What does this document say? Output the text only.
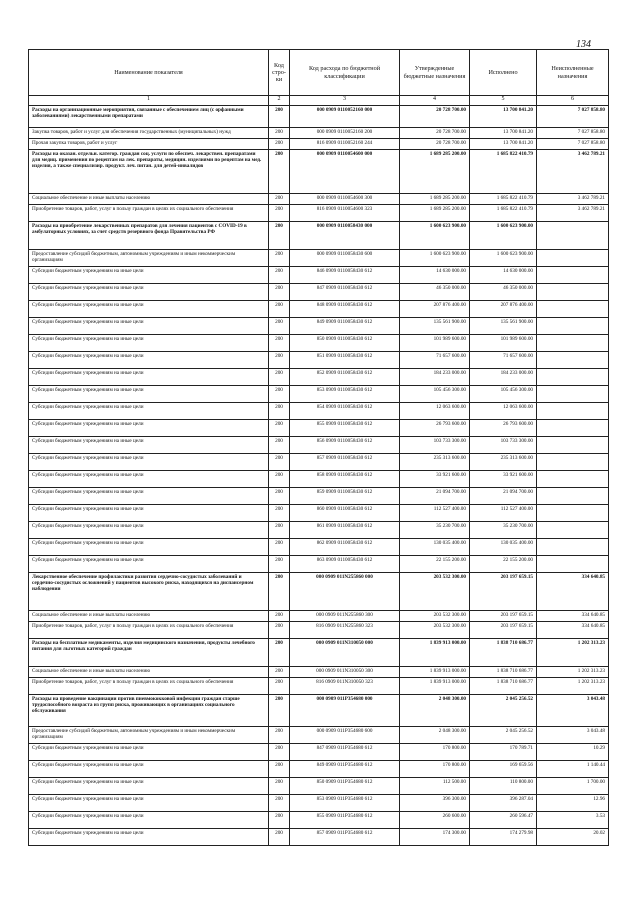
134
Наименование показателя	Код стро-ки	Код расхода по бюджетной классификации	Утвержденные бюджетные назначения	Исполнено	Неисполненные назначения
1	2	3	4	5	6
Расходы на организационные мероприятия, связанные с обеспечением лиц (с орфанными заболеваниями) лекарственными препаратами	200	000 0909 0110052160 000	20 728 700.00	13 700 841.20	7 027 858.80
Закупка товаров, работ и услуг для обеспечения государственных (муниципальных) нужд	200	000 0909 0110052160 200	20 728 700.00	13 700 841.20	7 027 858.80
Прочая закупка товаров, работ и услуг	200	816 0909 0110052160 244	20 728 700.00	13 700 841.20	7 027 858.80
Расходы на оказан. отдельн. категор. граждан соц. услуги по обеспеч. лекарствен. препаратами для медиц. применения по рецептам на лек. препараты, медицин. изделиями по рецептам на мед. изделия, а также специализир. продукт. леч. питан. для детей-инвалидов	200	000 0909 0110054600 000	1 689 285 200.00	1 685 822 410.79	3 462 789.21
Социальное обеспечение и иные выплаты населению	200	000 0909 0110054600 300	1 689 285 200.00	1 685 822 410.79	3 462 789.21
Приобретение товаров, работ, услуг в пользу граждан в целях их социального обеспечения	200	816 0909 0110054600 323	1 689 285 200.00	1 685 822 410.79	3 462 789.21
Расходы на приобретение лекарственных препаратов для лечения пациентов с COVID-19 в амбулаторных условиях, за счет средств резервного фонда Правительства РФ	200	000 0909 0110058430 000	1 600 623 900.00	1 600 623 900.00	
Предоставление субсидий бюджетным, автономным учреждениям и иным некоммерческим организациям	200	000 0909 0110058430 600	1 600 623 900.00	1 600 623 900.00	
Субсидии бюджетным учреждениям на иные цели	200	846 0909 0110058430 612	14 630 000.00	14 630 000.00	
Субсидии бюджетным учреждениям на иные цели	200	847 0909 0110058430 612	46 350 000.00	46 350 000.00	
Субсидии бюджетным учреждениям на иные цели	200	848 0909 0110058430 612	207 876 400.00	207 876 400.00	
Субсидии бюджетным учреждениям на иные цели	200	849 0909 0110058430 612	135 561 900.00	135 561 900.00	
Субсидии бюджетным учреждениям на иные цели	200	850 0909 0110058430 612	101 989 600.00	101 989 600.00	
Субсидии бюджетным учреждениям на иные цели	200	851 0909 0110058430 612	71 657 600.00	71 657 600.00	
Субсидии бюджетным учреждениям на иные цели	200	852 0909 0110058430 612	184 233 000.00	184 233 000.00	
Субсидии бюджетным учреждениям на иные цели	200	853 0909 0110058430 612	105 456 300.00	105 456 300.00	
Субсидии бюджетным учреждениям на иные цели	200	854 0909 0110058430 612	12 063 600.00	12 063 600.00	
Субсидии бюджетным учреждениям на иные цели	200	855 0909 0110058430 612	26 793 600.00	26 793 600.00	
Субсидии бюджетным учреждениям на иные цели	200	856 0909 0110058430 612	103 733 300.00	103 733 300.00	
Субсидии бюджетным учреждениям на иные цели	200	857 0909 0110058430 612	235 313 600.00	235 313 600.00	
Субсидии бюджетным учреждениям на иные цели	200	858 0909 0110058430 612	33 921 600.00	33 921 600.00	
Субсидии бюджетным учреждениям на иные цели	200	859 0909 0110058430 612	21 094 700.00	21 094 700.00	
Субсидии бюджетным учреждениям на иные цели	200	860 0909 0110058430 612	112 527 400.00	112 527 400.00	
Субсидии бюджетным учреждениям на иные цели	200	861 0909 0110058430 612	35 230 700.00	35 230 700.00	
Субсидии бюджетным учреждениям на иные цели	200	862 0909 0110058430 612	130 035 400.00	130 035 400.00	
Субсидии бюджетным учреждениям на иные цели	200	863 0909 0110058430 612	22 155 200.00	22 155 200.00	
Лекарственное обеспечение профилактики развития сердечно-сосудистых заболеваний и сердечно-сосудистых осложнений у пациентов высокого риска, находящихся на диспансерном наблюдении	200	000 0909 011N255860 000	203 532 300.00	203 197 659.15	334 640.85
Социальное обеспечение и иные выплаты населению	200	000 0909 011N255860 300	203 532 300.00	203 197 659.15	334 640.85
Приобретение товаров, работ, услуг в пользу граждан в целях их социального обеспечения	200	816 0909 011N255860 323	203 532 300.00	203 197 659.15	334 640.85
Расходы на бесплатные медикаменты, изделия медицинского назначения, продукты лечебного питания для льготных категорий граждан	200	000 0909 011N310050 000	1 839 913 000.00	1 838 710 686.77	1 202 313.23
Социальное обеспечение и иные выплаты населению	200	000 0909 011N310050 300	1 839 913 000.00	1 838 710 686.77	1 202 313.23
Приобретение товаров, работ, услуг в пользу граждан в целях их социального обеспечения	200	816 0909 011N310050 323	1 839 913 000.00	1 838 710 686.77	1 202 313.23
Расходы на проведение вакцинации против пневмококковой инфекции граждан старше трудоспособного возраста из групп риска, проживающих в организациях социального обслуживания	200	000 0909 011P354680 000	2 048 300.00	2 045 256.52	3 043.48
Предоставление субсидий бюджетным, автономным учреждениям и иным некоммерческим организациям	200	000 0909 011P354680 600	2 048 300.00	2 045 256.52	3 043.48
Субсидии бюджетным учреждениям на иные цели	200	847 0909 011P354680 612	170 800.00	170 789.71	10.29
Субсидии бюджетным учреждениям на иные цели	200	849 0909 011P354680 612	170 800.00	169 659.56	1 140.44
Субсидии бюджетным учреждениям на иные цели	200	850 0909 011P354680 612	112 500.00	110 800.00	1 700.00
Субсидии бюджетным учреждениям на иные цели	200	853 0909 011P354680 612	396 300.00	396 287.04	12.96
Субсидии бюджетным учреждениям на иные цели	200	855 0909 011P354680 612	260 600.00	260 596.47	3.53
Субсидии бюджетным учреждениям на иные цели	200	857 0909 011P354680 612	174 300.00	174 279.98	20.02
